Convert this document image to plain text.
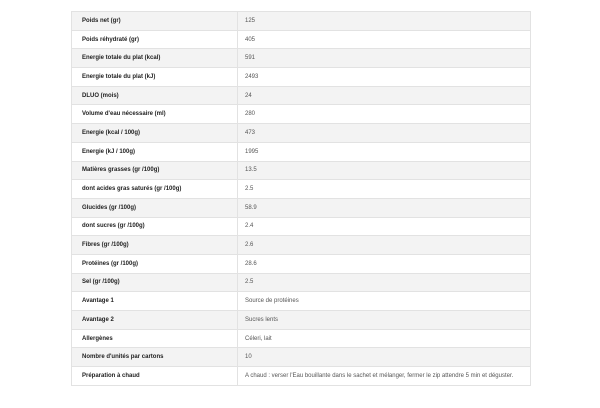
Poids net (gr)	125
Poids réhydraté (gr)	405
Energie totale du plat (kcal)	591
Energie totale du plat (kJ)	2493
DLUO (mois)	24
Volume d'eau nécessaire (ml)	280
Energie (kcal / 100g)	473
Energie (kJ / 100g)	1995
Matières grasses (gr /100g)	13.5
dont acides gras saturés (gr /100g)	2.5
Glucides (gr /100g)	58.9
dont sucres (gr /100g)	2.4
Fibres (gr /100g)	2.6
Protéines (gr /100g)	28.6
Sel (gr /100g)	2.5
Avantage 1	Source de protéines
Avantage 2	Sucres lents
Allergènes	Céleri, lait
Nombre d'unités par cartons	10
Préparation à chaud	A chaud : verser l'Eau bouillante dans le sachet et mélanger, fermer le zip attendre 5 min et déguster.
